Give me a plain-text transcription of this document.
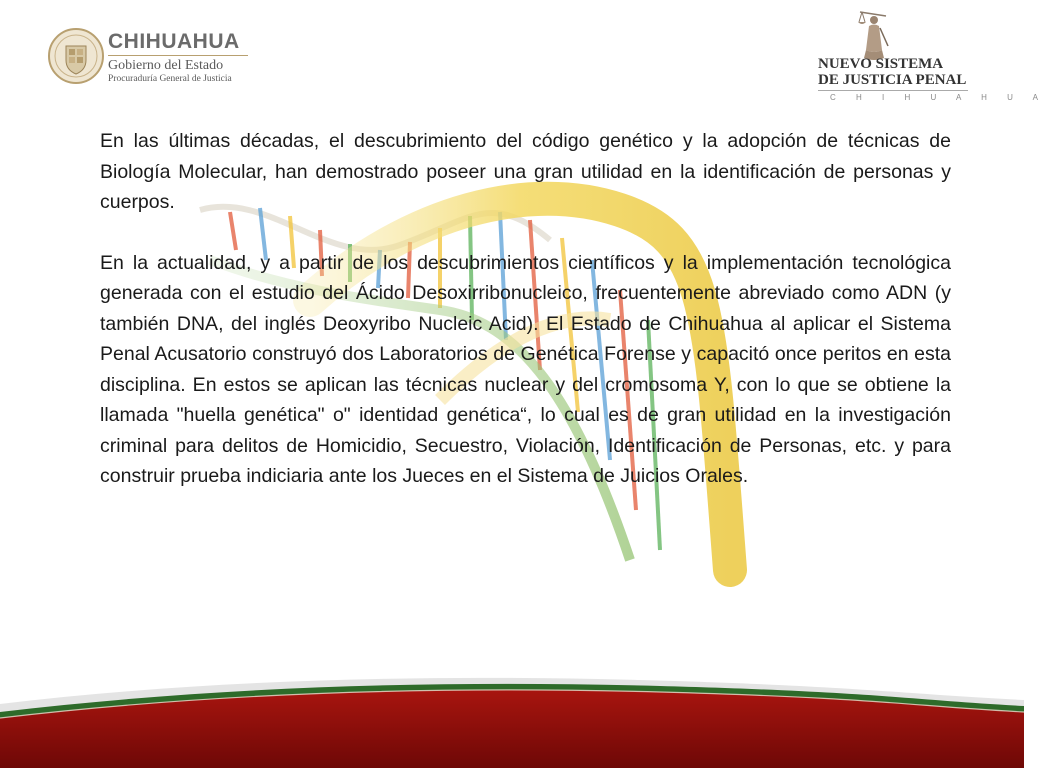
CHIHUAHUA
Gobierno del Estado
Procuraduría General de Justicia
NUEVO SISTEMA
DE JUSTICIA PENAL
C H I H U A H U A

En las últimas décadas, el descubrimiento del código genético y la adopción de técnicas de Biología Molecular, han demostrado poseer una gran utilidad en la identificación de personas y cuerpos.

En la actualidad, y a partir de los descubrimientos científicos y la implementación tecnológica generada con el estudio del Ácido Desoxirribonucleico, frecuentemente abreviado como ADN (y también DNA, del inglés Deoxyribo Nucleic Acid). El Estado de Chihuahua al aplicar el Sistema Penal Acusatorio construyó dos Laboratorios de Genética Forense y capacitó once peritos en esta disciplina. En estos se aplican las técnicas nuclear y del cromosoma Y, con lo que se obtiene la llamada "huella genética" o" identidad genética“, lo cual es de gran utilidad en la investigación criminal para delitos de Homicidio, Secuestro, Violación, Identificación de Personas, etc. y para construir prueba indiciaria ante los Jueces en el Sistema de Juicios Orales.
